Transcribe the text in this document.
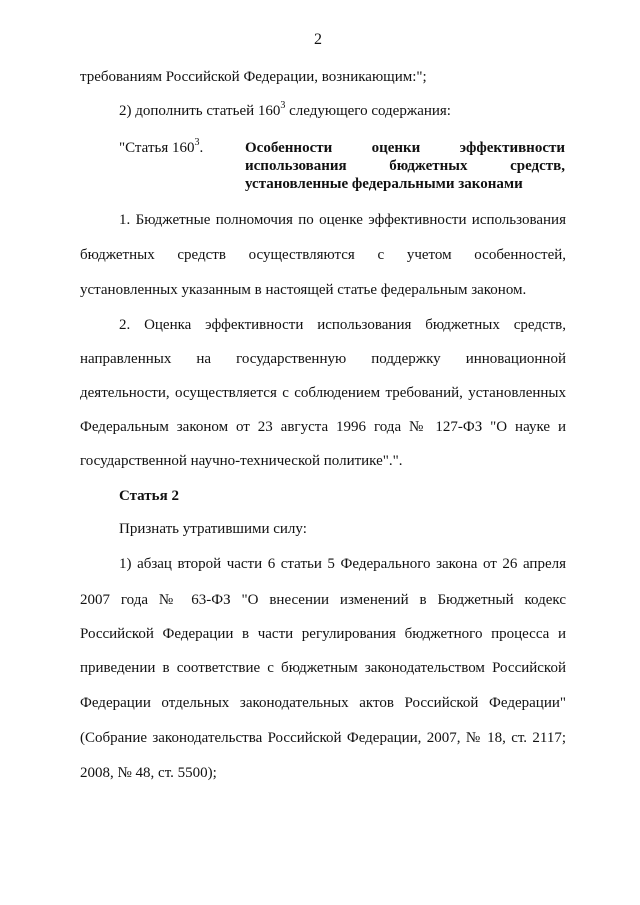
2
требованиям Российской Федерации, возникающим:";
2) дополнить статьей $160^3$ следующего содержания:
"Статья $160^3$.	Особенности оценки эффективности
использования бюджетных средств,
установленные федеральными законами
1. Бюджетные полномочия по оценке эффективности использования
бюджетных средств осуществляются с учетом особенностей,
установленных указанным в настоящей статье федеральным законом.
2. Оценка эффективности использования бюджетных средств,
направленных на государственную поддержку инновационной
деятельности, осуществляется с соблюдением требований, установленных
Федеральным законом от 23 августа 1996 года № 127-ФЗ "О науке и
государственной научно-технической политике".".
Статья 2
Признать утратившими силу:
1) абзац второй части 6 статьи 5 Федерального закона от 26 апреля
2007 года № 63-ФЗ "О внесении изменений в Бюджетный кодекс
Российской Федерации в части регулирования бюджетного процесса и
приведении в соответствие с бюджетным законодательством Российской
Федерации отдельных законодательных актов Российской Федерации"
(Собрание законодательства Российской Федерации, 2007, № 18, ст. 2117;
2008, № 48, ст. 5500);
